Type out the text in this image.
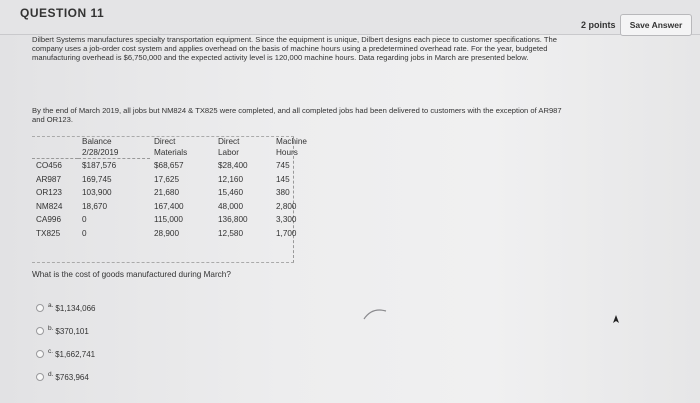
QUESTION 11
2 points	Save Answer
Dilbert Systems manufactures specialty transportation equipment. Since the equipment is unique, Dilbert designs each piece to customer specifications. The company uses a job-order cost system and applies overhead on the basis of machine hours using a predetermined overhead rate. For the year, budgeted manufacturing overhead is $6,750,000 and the expected activity level is 120,000 machine hours. Data regarding jobs in March are presented below.
By the end of March 2019, all jobs but NM824 & TX825 were completed, and all completed jobs had been delivered to customers with the exception of AR987 and OR123.
	Balance	Direct	Direct	Machine
	2/28/2019	Materials	Labor	Hours
CO456	$187,576	$68,657	$28,400	745
AR987	169,745	17,625	12,160	145
OR123	103,900	21,680	15,460	380
NM824	18,670	167,400	48,000	2,800
CA996	0	115,000	136,800	3,300
TX825	0	28,900	12,580	1,700
What is the cost of goods manufactured during March?
a. $1,134,066
b. $370,101
c. $1,662,741
d. $763,964
